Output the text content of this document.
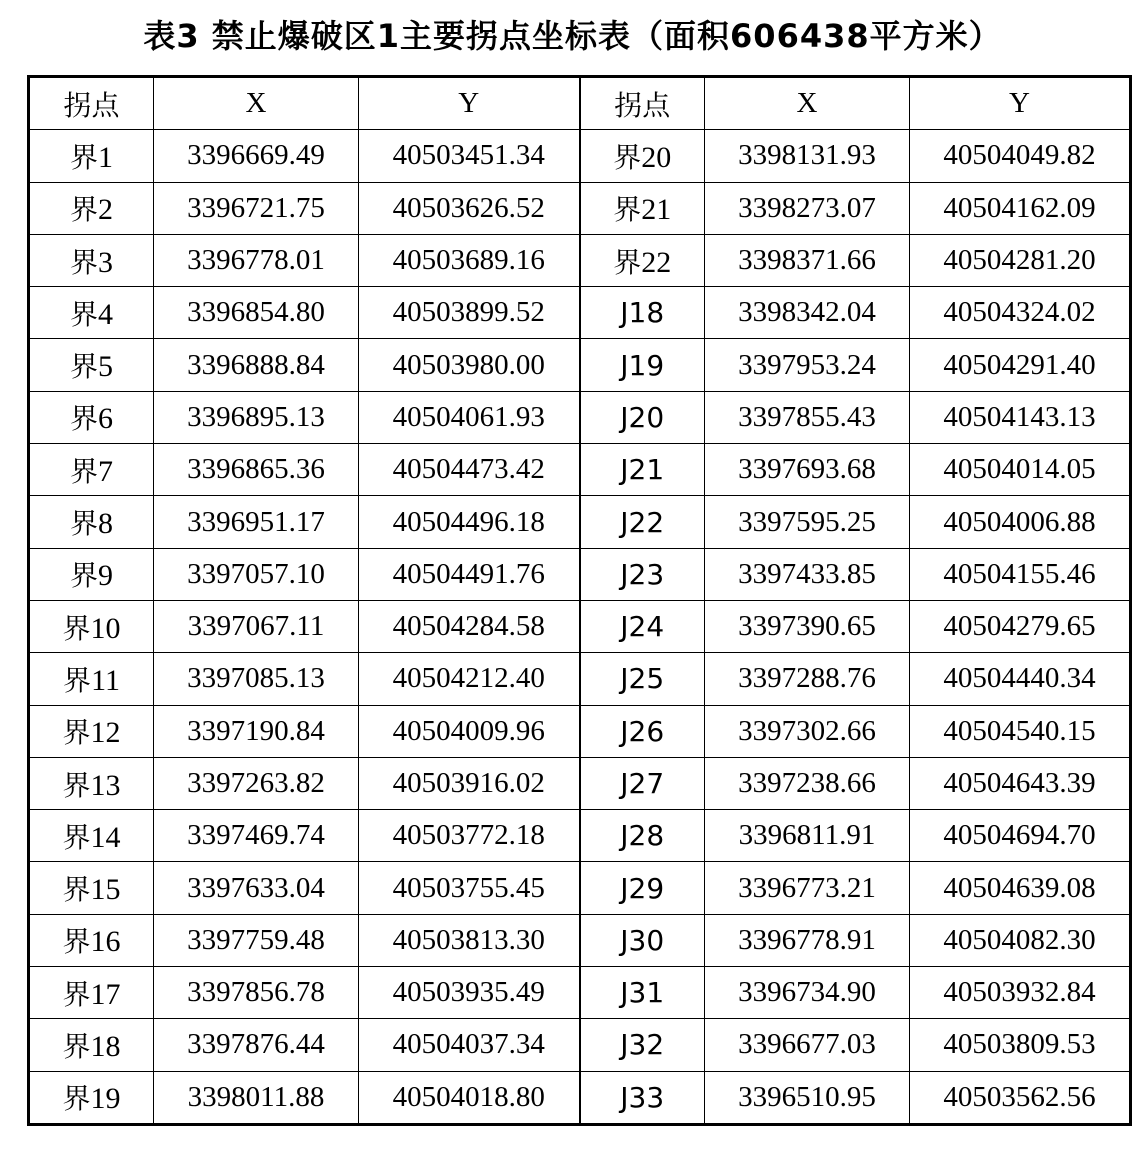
表3 禁止爆破区1主要拐点坐标表（面积606438平方米）
拐点	X	Y	拐点	X	Y
界1	3396669.49	40503451.34	界20	3398131.93	40504049.82
界2	3396721.75	40503626.52	界21	3398273.07	40504162.09
界3	3396778.01	40503689.16	界22	3398371.66	40504281.20
界4	3396854.80	40503899.52	J18	3398342.04	40504324.02
界5	3396888.84	40503980.00	J19	3397953.24	40504291.40
界6	3396895.13	40504061.93	J20	3397855.43	40504143.13
界7	3396865.36	40504473.42	J21	3397693.68	40504014.05
界8	3396951.17	40504496.18	J22	3397595.25	40504006.88
界9	3397057.10	40504491.76	J23	3397433.85	40504155.46
界10	3397067.11	40504284.58	J24	3397390.65	40504279.65
界11	3397085.13	40504212.40	J25	3397288.76	40504440.34
界12	3397190.84	40504009.96	J26	3397302.66	40504540.15
界13	3397263.82	40503916.02	J27	3397238.66	40504643.39
界14	3397469.74	40503772.18	J28	3396811.91	40504694.70
界15	3397633.04	40503755.45	J29	3396773.21	40504639.08
界16	3397759.48	40503813.30	J30	3396778.91	40504082.30
界17	3397856.78	40503935.49	J31	3396734.90	40503932.84
界18	3397876.44	40504037.34	J32	3396677.03	40503809.53
界19	3398011.88	40504018.80	J33	3396510.95	40503562.56
